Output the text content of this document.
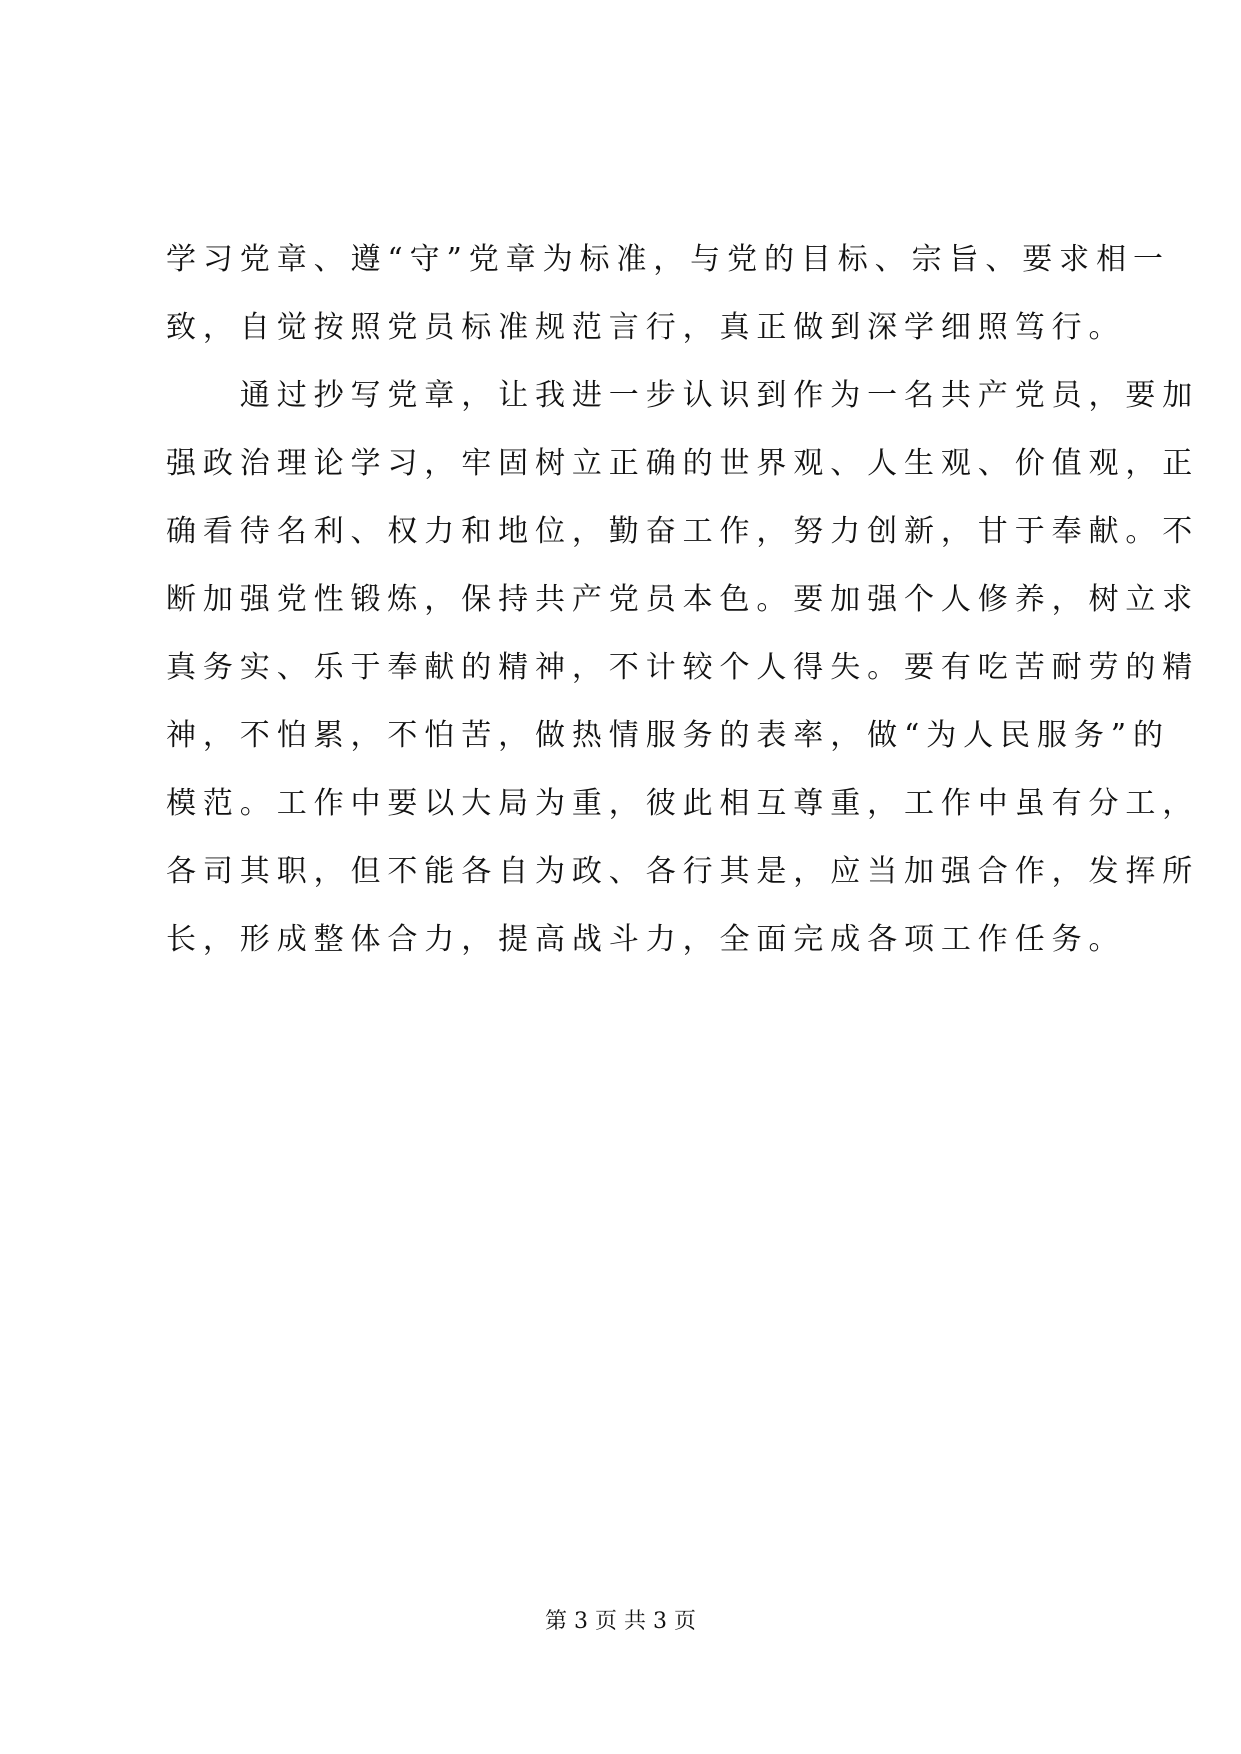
学习党章、遵“守”党章为标准，与党的目标、宗旨、要求相一
致，自觉按照党员标准规范言行，真正做到深学细照笃行。
　　通过抄写党章，让我进一步认识到作为一名共产党员，要加
强政治理论学习，牢固树立正确的世界观、人生观、价值观，正
确看待名利、权力和地位，勤奋工作，努力创新，甘于奉献。不
断加强党性锻炼，保持共产党员本色。要加强个人修养，树立求
真务实、乐于奉献的精神，不计较个人得失。要有吃苦耐劳的精
神，不怕累，不怕苦，做热情服务的表率，做“为人民服务”的
模范。工作中要以大局为重，彼此相互尊重，工作中虽有分工，
各司其职，但不能各自为政、各行其是，应当加强合作，发挥所
长，形成整体合力，提高战斗力，全面完成各项工作任务。
第 3 页 共 3 页
